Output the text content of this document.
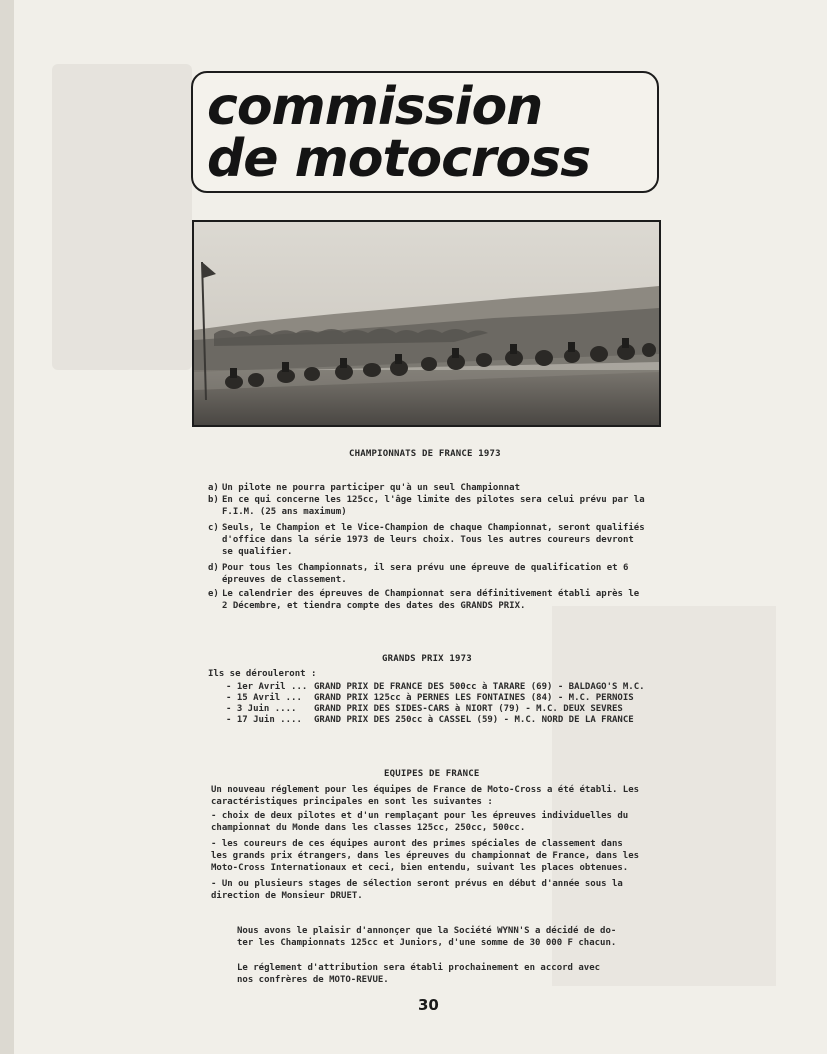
commission
de motocross
CHAMPIONNATS DE FRANCE 1973
a) Un pilote ne pourra participer qu'à un seul Championnat
b) En ce qui concerne les 125cc, l'âge limite des pilotes sera celui prévu par la
F.I.M. (25 ans maximum)
c) Seuls, le Champion et le Vice-Champion de chaque Championnat, seront qualifiés
d'office dans la série 1973 de leurs choix. Tous les autres coureurs devront
se qualifier.
d) Pour tous les Championnats, il sera prévu une épreuve de qualification et 6
épreuves de classement.
e) Le calendrier des épreuves de Championnat sera définitivement établi après le
2 Décembre, et tiendra compte des dates des GRANDS PRIX.
GRANDS PRIX 1973
Ils se dérouleront :
- 1er Avril ... GRAND PRIX DE FRANCE DES 500cc à TARARE (69) - BALDAGO'S M.C.
- 15 Avril ... GRAND PRIX 125cc à PERNES LES FONTAINES (84) - M.C. PERNOIS
- 3 Juin .... GRAND PRIX DES SIDES-CARS à NIORT (79) - M.C. DEUX SEVRES
- 17 Juin .... GRAND PRIX DES 250cc à CASSEL (59) - M.C. NORD DE LA FRANCE
EQUIPES DE FRANCE
Un nouveau réglement pour les équipes de France de Moto-Cross a été établi. Les
caractéristiques principales en sont les suivantes :
- choix de deux pilotes et d'un remplaçant pour les épreuves individuelles du
championnat du Monde dans les classes 125cc, 250cc, 500cc.
- les coureurs de ces équipes auront des primes spéciales de classement dans
les grands prix étrangers, dans les épreuves du championnat de France, dans les
Moto-Cross Internationaux et ceci, bien entendu, suivant les places obtenues.
- Un ou plusieurs stages de sélection seront prévus en début d'année sous la
direction de Monsieur DRUET.
Nous avons le plaisir d'annonçer que la Société WYNN'S a décidé de do-
ter les Championnats 125cc et Juniors, d'une somme de 30 000 F chacun.
Le réglement d'attribution sera établi prochainement en accord avec
nos confrères de MOTO-REVUE.
30
